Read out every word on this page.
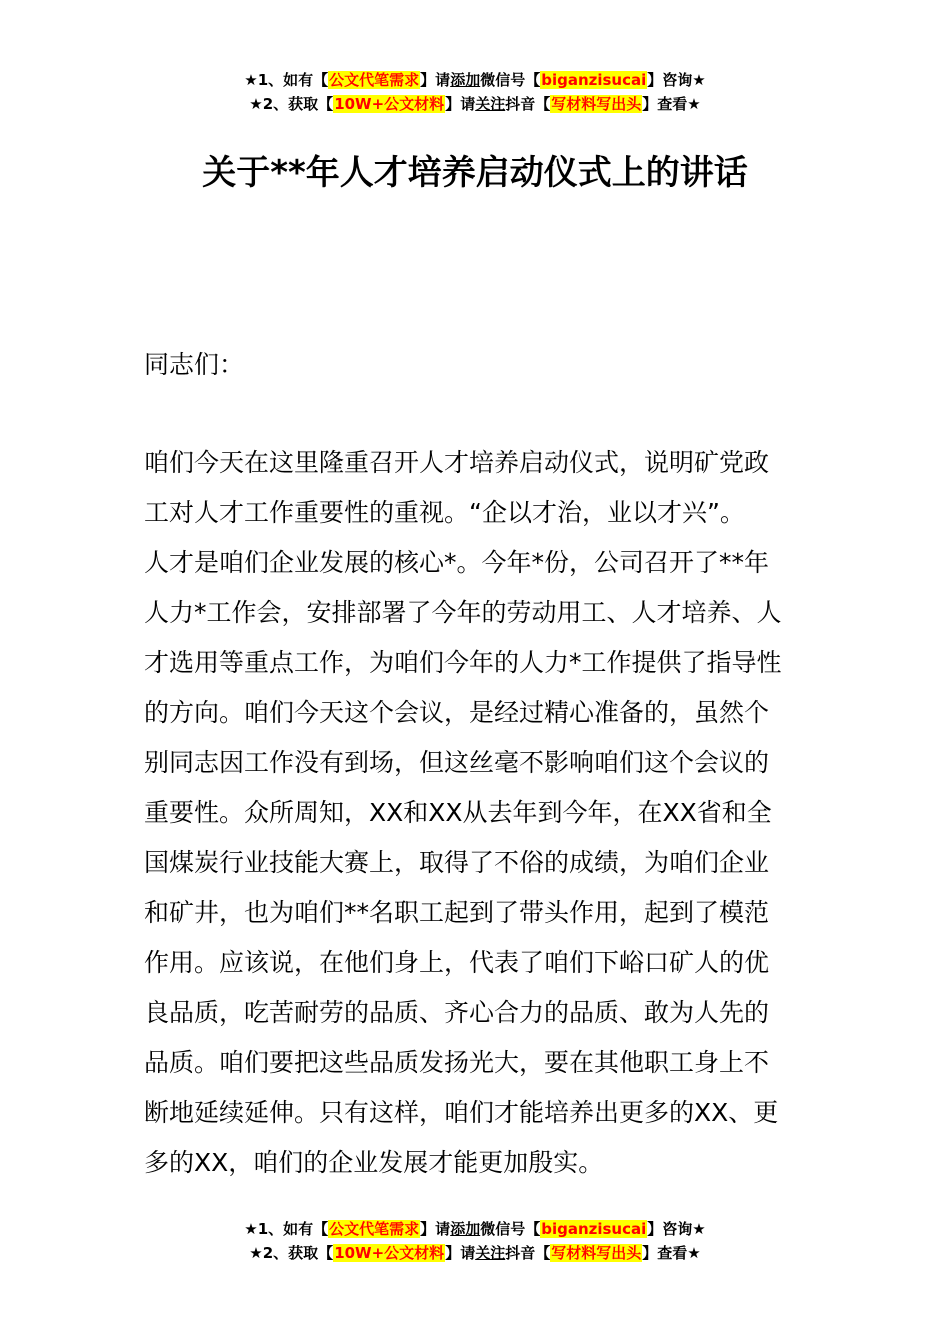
★1、如有【公文代笔需求】请添加微信号【biganzisucai】咨询★
★2、获取【10W+公文材料】请关注抖音【写材料写出头】查看★
关于**年人才培养启动仪式上的讲话
同志们：
咱们今天在这里隆重召开人才培养启动仪式，说明矿党政
工对人才工作重要性的重视。“企以才治，业以才兴”。
人才是咱们企业发展的核心*。今年*份，公司召开了**年
人力*工作会，安排部署了今年的劳动用工、人才培养、人
才选用等重点工作，为咱们今年的人力*工作提供了指导性
的方向。咱们今天这个会议，是经过精心准备的，虽然个
别同志因工作没有到场，但这丝毫不影响咱们这个会议的
重要性。众所周知，XX和XX从去年到今年，在XX省和全
国煤炭行业技能大赛上，取得了不俗的成绩，为咱们企业
和矿井，也为咱们**名职工起到了带头作用，起到了模范
作用。应该说，在他们身上，代表了咱们下峪口矿人的优
良品质，吃苦耐劳的品质、齐心合力的品质、敢为人先的
品质。咱们要把这些品质发扬光大，要在其他职工身上不
断地延续延伸。只有这样，咱们才能培养出更多的XX、更
多的XX，咱们的企业发展才能更加殷实。
★1、如有【公文代笔需求】请添加微信号【biganzisucai】咨询★
★2、获取【10W+公文材料】请关注抖音【写材料写出头】查看★
